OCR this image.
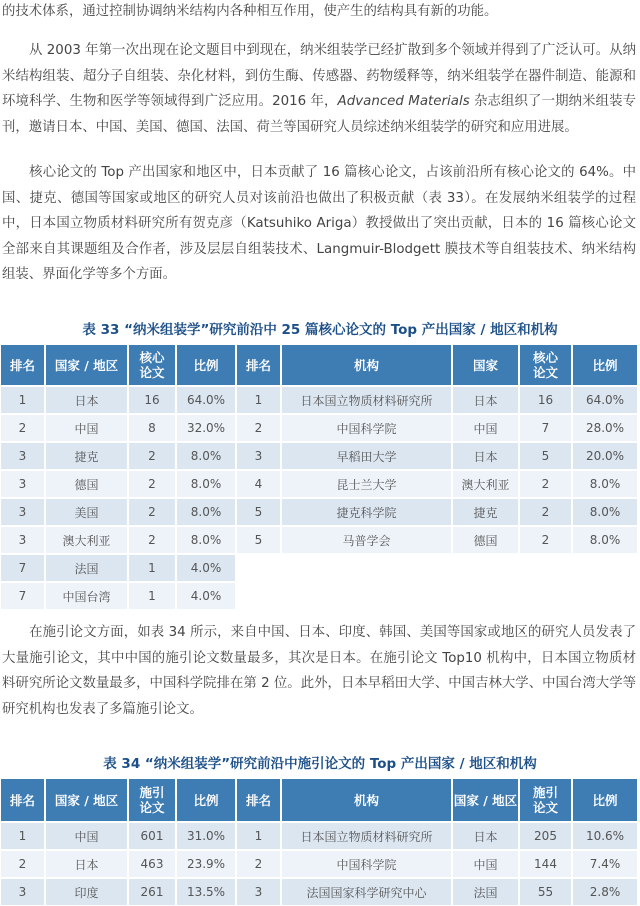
的技术体系，通过控制协调纳米结构内各种相互作用，使产生的结构具有新的功能。

从 2003 年第一次出现在论文题目中到现在，纳米组装学已经扩散到多个领域并得到了广泛认可。从纳米结构组装、超分子自组装、杂化材料，到仿生酶、传感器、药物缓释等，纳米组装学在器件制造、能源和环境科学、生物和医学等领域得到广泛应用。2016 年，Advanced Materials 杂志组织了一期纳米组装专刊，邀请日本、中国、美国、德国、法国、荷兰等国研究人员综述纳米组装学的研究和应用进展。

核心论文的 Top 产出国家和地区中，日本贡献了 16 篇核心论文，占该前沿所有核心论文的 64%。中国、捷克、德国等国家或地区的研究人员对该前沿也做出了积极贡献（表 33）。在发展纳米组装学的过程中，日本国立物质材料研究所有贺克彦（Katsuhiko Ariga）教授做出了突出贡献，日本的 16 篇核心论文全部来自其课题组及合作者，涉及层层自组装技术、Langmuir-Blodgett 膜技术等自组装技术、纳米结构组装、界面化学等多个方面。

表 33 “纳米组装学”研究前沿中 25 篇核心论文的 Top 产出国家 / 地区和机构

排名	国家 / 地区	核心论文	比例
1	日本	16	64.0%
2	中国	8	32.0%
3	捷克	2	8.0%
3	德国	2	8.0%
3	美国	2	8.0%
3	澳大利亚	2	8.0%
7	法国	1	4.0%
7	中国台湾	1	4.0%
排名	机构	国家	核心论文	比例
1	日本国立物质材料研究所	日本	16	64.0%
2	中国科学院	中国	7	28.0%
3	早稻田大学	日本	5	20.0%
4	昆士兰大学	澳大利亚	2	8.0%
5	捷克科学院	捷克	2	8.0%
5	马普学会	德国	2	8.0%

在施引论文方面，如表 34 所示，来自中国、日本、印度、韩国、美国等国家或地区的研究人员发表了大量施引论文，其中中国的施引论文数量最多，其次是日本。在施引论文 Top10 机构中，日本国立物质材料研究所论文数量最多，中国科学院排在第 2 位。此外，日本早稻田大学、中国吉林大学、中国台湾大学等研究机构也发表了多篇施引论文。

表 34 “纳米组装学”研究前沿中施引论文的 Top 产出国家 / 地区和机构

排名	国家 / 地区	施引论文	比例
1	中国	601	31.0%
2	日本	463	23.9%
3	印度	261	13.5%
排名	机构	国家 / 地区	施引论文	比例
1	日本国立物质材料研究所	日本	205	10.6%
2	中国科学院	中国	144	7.4%
3	法国国家科学研究中心	法国	55	2.8%
